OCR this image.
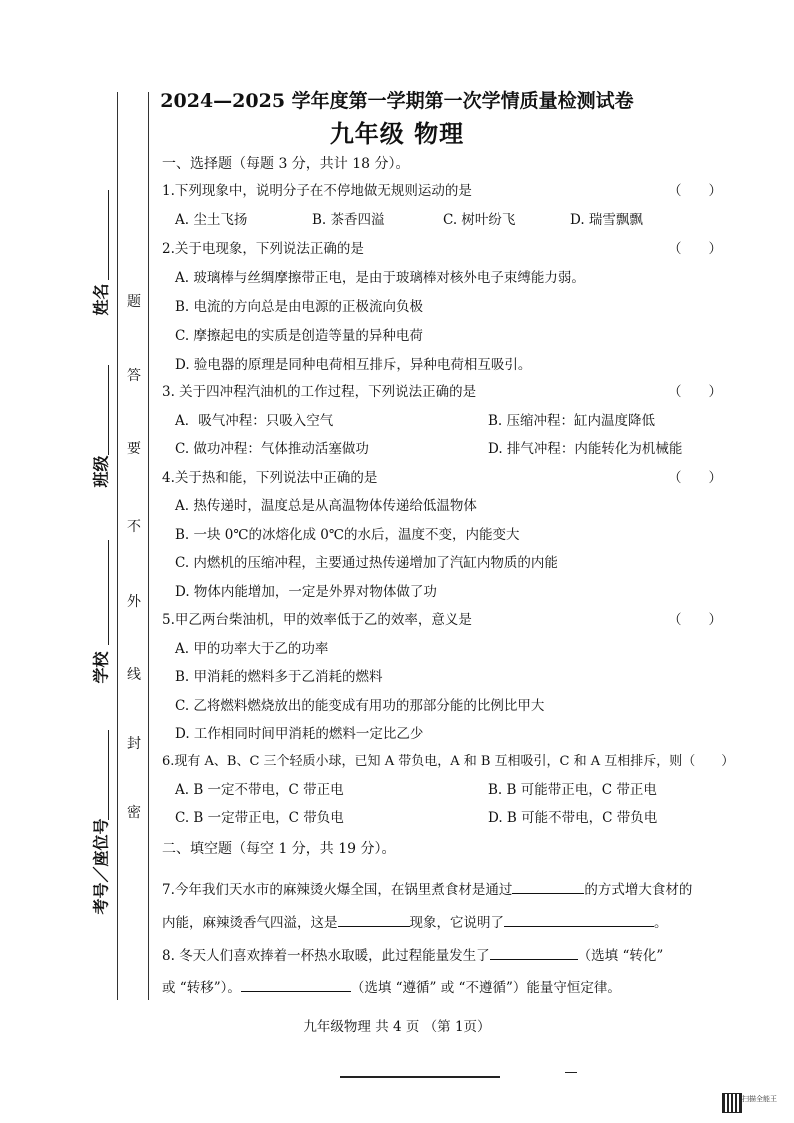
2024—2025 学年度第一学期第一次学情质量检测试卷
九年级 物理
姓名
班级
学校
考号／座位号
题
答
要
不
外
线
封
密
一、选择题（每题 3 分，共计 18 分）。
1.下列现象中，说明分子在不停地做无规则运动的是	（　　）
A. 尘土飞扬	B. 茶香四溢	C. 树叶纷飞	D. 瑞雪飘飘
2.关于电现象，下列说法正确的是	（　　）
A. 玻璃棒与丝绸摩擦带正电，是由于玻璃棒对核外电子束缚能力弱。
B. 电流的方向总是由电源的正极流向负极
C. 摩擦起电的实质是创造等量的异种电荷
D. 验电器的原理是同种电荷相互排斥，异种电荷相互吸引。
3. 关于四冲程汽油机的工作过程，下列说法正确的是	（　　）
A．吸气冲程：只吸入空气	B. 压缩冲程：缸内温度降低
C. 做功冲程：气体推动活塞做功	D. 排气冲程：内能转化为机械能
4.关于热和能，下列说法中正确的是	（　　）
A. 热传递时，温度总是从高温物体传递给低温物体
B. 一块 0℃的冰熔化成 0℃的水后，温度不变，内能变大
C. 内燃机的压缩冲程，主要通过热传递增加了汽缸内物质的内能
D. 物体内能增加，一定是外界对物体做了功
5.甲乙两台柴油机，甲的效率低于乙的效率，意义是	（　　）
A. 甲的功率大于乙的功率
B. 甲消耗的燃料多于乙消耗的燃料
C. 乙将燃料燃烧放出的能变成有用功的那部分能的比例比甲大
D. 工作相同时间甲消耗的燃料一定比乙少
6.现有 A、B、C 三个轻质小球，已知 A 带负电，A 和 B 互相吸引，C 和 A 互相排斥，则（　　）
A. B 一定不带电，C 带正电	B. B 可能带正电，C 带正电
C. B 一定带正电，C 带负电	D. B 可能不带电，C 带负电
二、填空题（每空 1 分，共 19 分）。
7.今年我们天水市的麻辣烫火爆全国，在锅里煮食材是通过	的方式增大食材的
内能，麻辣烫香气四溢，这是	现象，它说明了	。
8. 冬天人们喜欢捧着一杯热水取暖，此过程能量发生了	（选填 “转化”
或 “转移”）。	（选填 “遵循” 或 “不遵循”）能量守恒定律。
九年级物理 共 4 页 （第 1页）
扫描全能王
